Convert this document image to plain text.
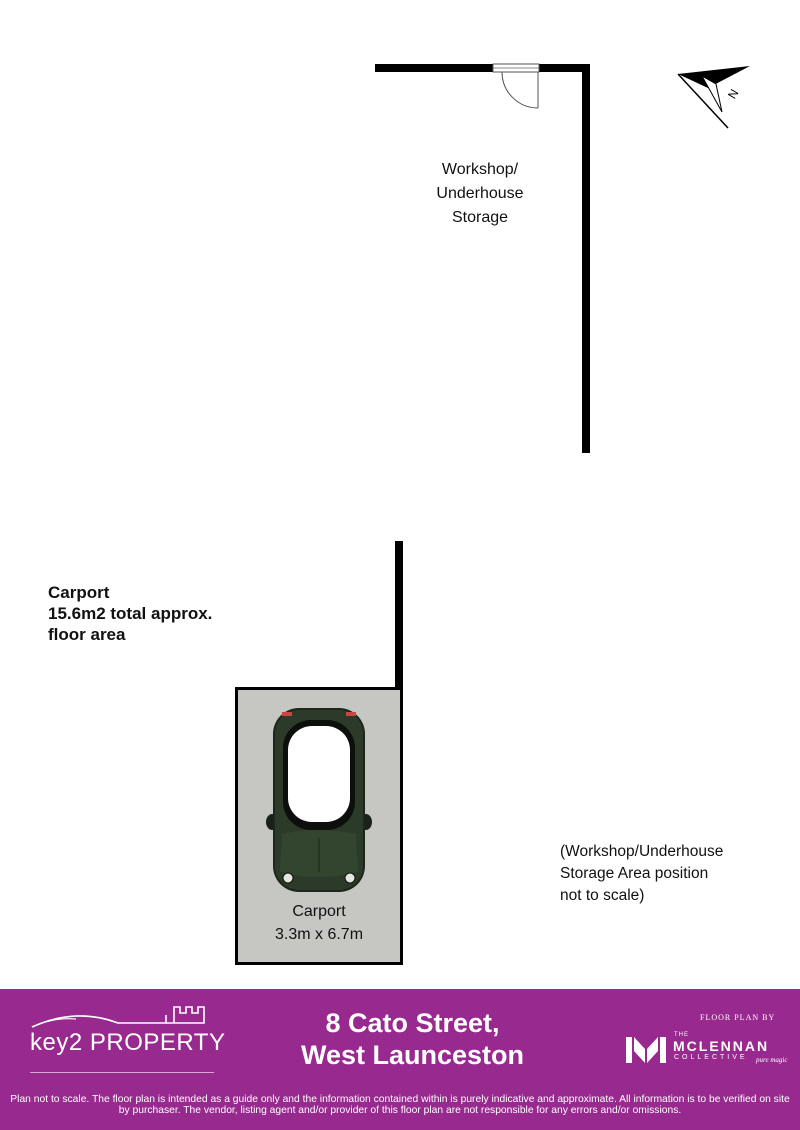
N
Workshop/
Underhouse
Storage
Carport
15.6m2 total approx.
floor area
(Workshop/Underhouse
Storage Area position
not to scale)
Carport
3.3m x 6.7m
key2 PROPERTY
8 Cato Street,
West Launceston
FLOOR PLAN BY
THE
MCLENNAN
COLLECTIVE pure magic
Plan not to scale. The floor plan is intended as a guide only and the information contained within is purely indicative and approximate. All information is to be verified on site by purchaser. The vendor, listing agent and/or provider of this floor plan are not responsible for any errors and/or omissions.
